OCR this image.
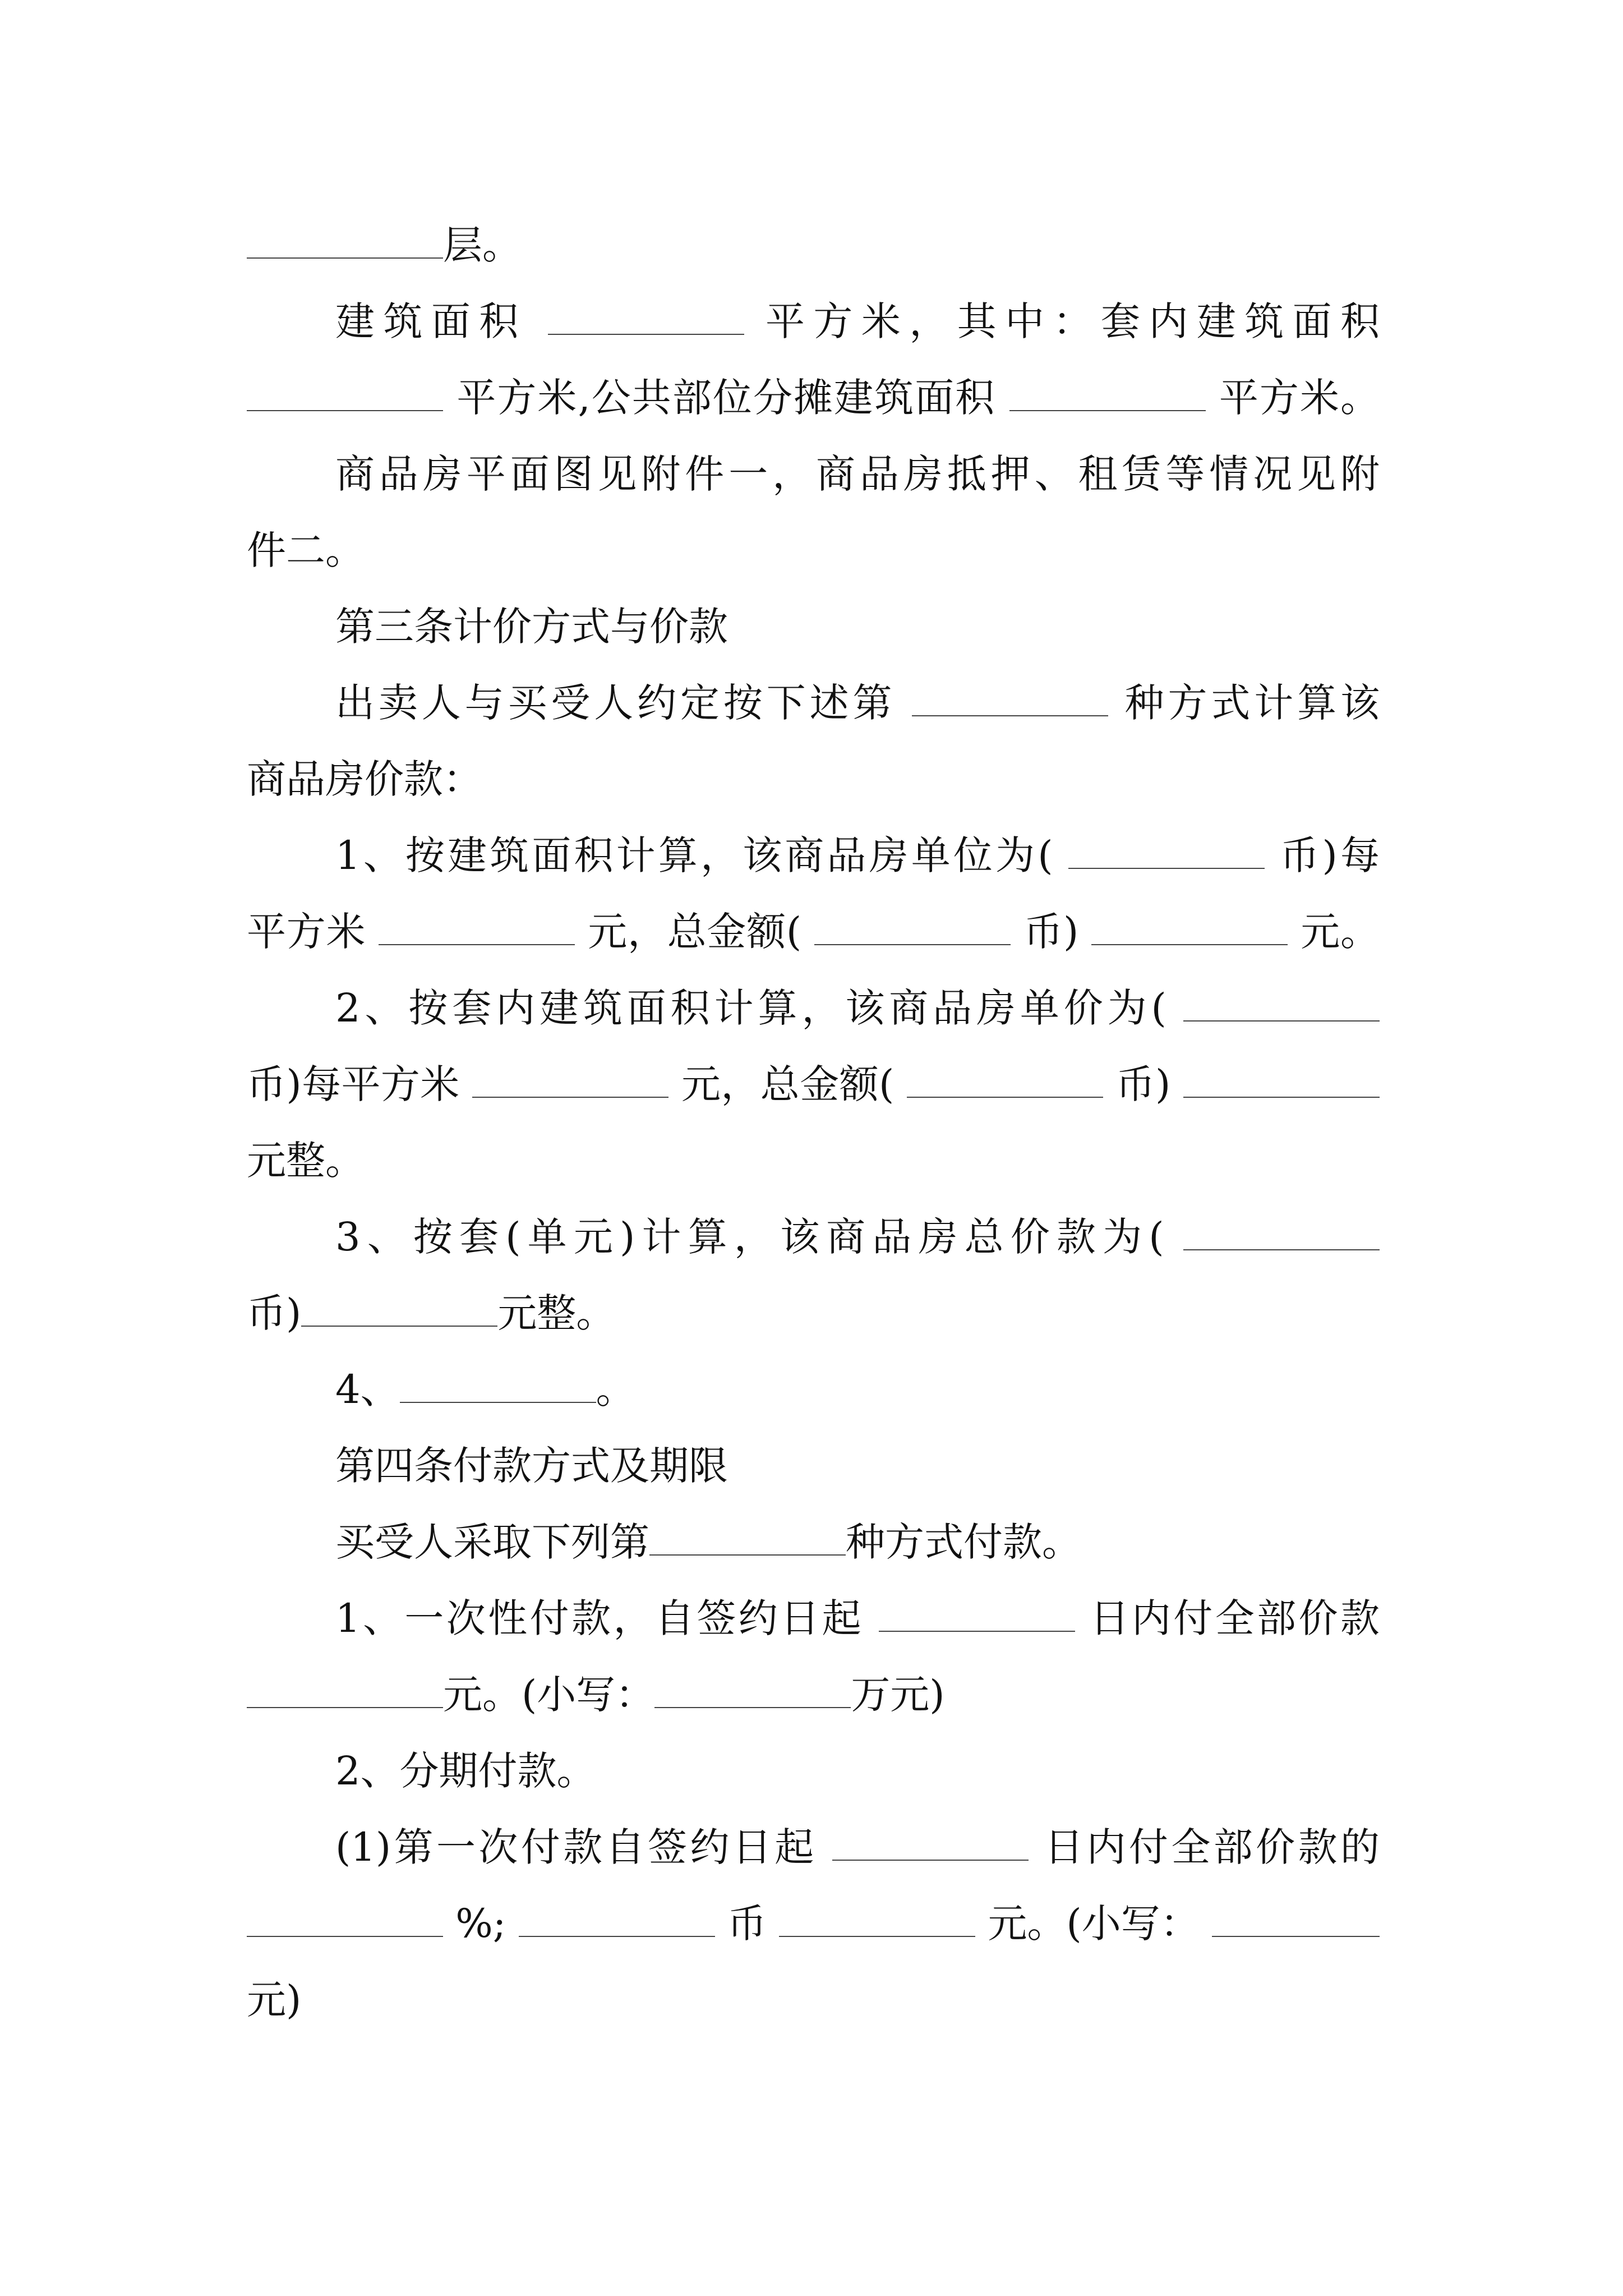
层。
建筑面积	平方米，其中：套内建筑面积
平方米,公共部位分摊建筑面积	平方米。
商品房平面图见附件一，商品房抵押、租赁等情况见附
件二。
第三条计价方式与价款
出卖人与买受人约定按下述第	种方式计算该
商品房价款：
1、按建筑面积计算，该商品房单位为(	币)每
平方米	元，总金额(	币)	元。
2、按套内建筑面积计算，该商品房单价为(
币)每平方米	元，总金额(	币)
元整。
3、按套(单元)计算，该商品房总价款为(
币)	元整。
4、	。
第四条付款方式及期限
买受人采取下列第	种方式付款。
1、一次性付款，自签约日起	日内付全部价款
元。(小写：	万元)
2、分期付款。
(1)第一次付款自签约日起	日内付全部价款的
%;	币	元。(小写：
元)
